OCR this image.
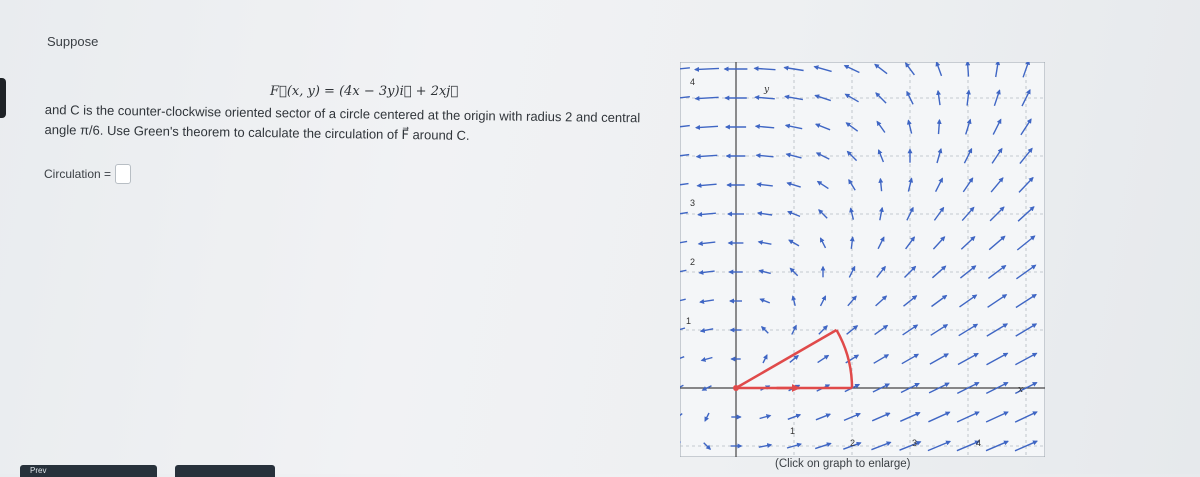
Suppose
F⃗(x, y) = (4x − 3y)i⃗ + 2xj⃗
and C is the counter-clockwise oriented sector of a circle centered at the origin with radius 2 and central
angle π/6. Use Green's theorem to calculate the circulation of F⃗ around C.
Circulation =
y
x
4
3
2
1
1
2	3	4
(Click on graph to enlarge)
Prev
